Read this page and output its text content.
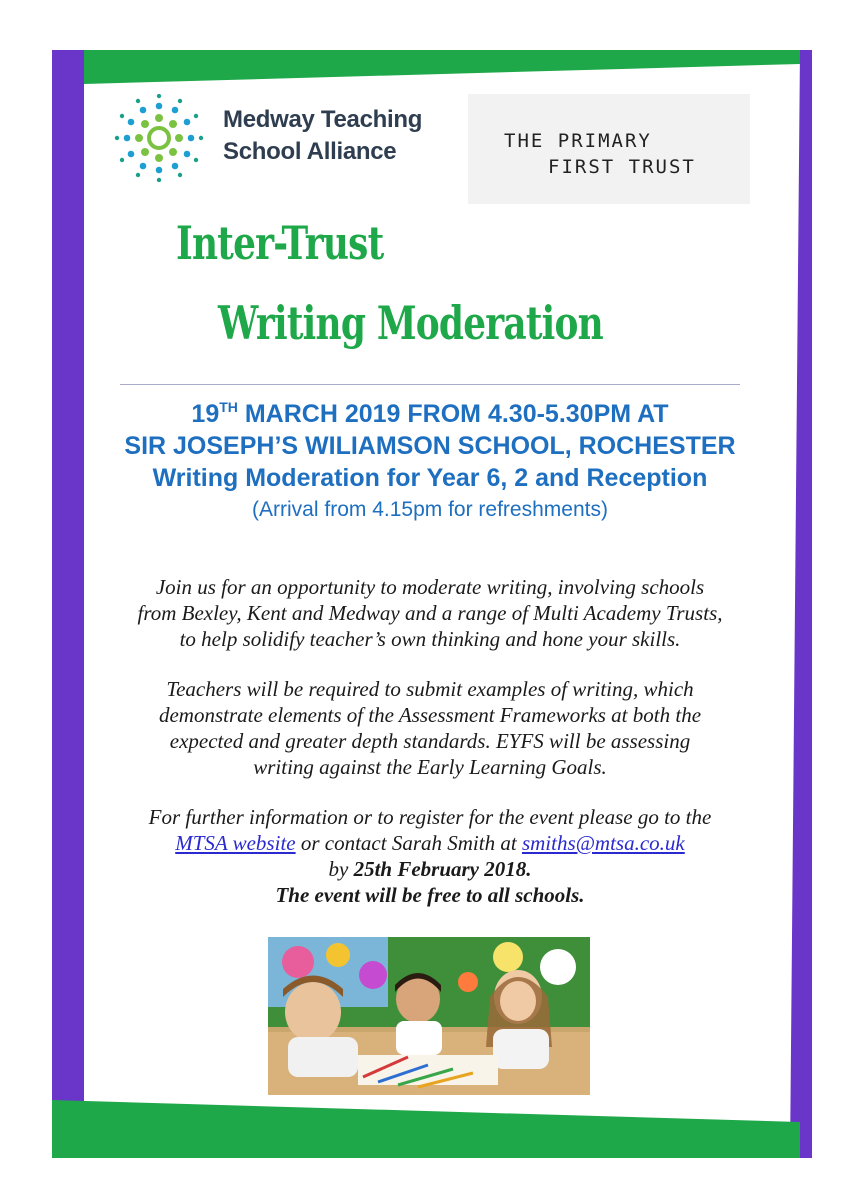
Medway Teaching
School Alliance	THE PRIMARY
FIRST TRUST
Inter-Trust
Writing Moderation
19TH MARCH 2019 FROM 4.30-5.30PM AT
SIR JOSEPH’S WILIAMSON SCHOOL, ROCHESTER
Writing Moderation for Year 6, 2 and Reception
(Arrival from 4.15pm for refreshments)

Join us for an opportunity to moderate writing, involving schools
from Bexley, Kent and Medway and a range of Multi Academy Trusts,
to help solidify teacher’s own thinking and hone your skills.

Teachers will be required to submit examples of writing, which
demonstrate elements of the Assessment Frameworks at both the
expected and greater depth standards. EYFS will be assessing
writing against the Early Learning Goals.

For further information or to register for the event please go to the
MTSA website or contact Sarah Smith at smiths@mtsa.co.uk
by 25th February 2018.
The event will be free to all schools.
